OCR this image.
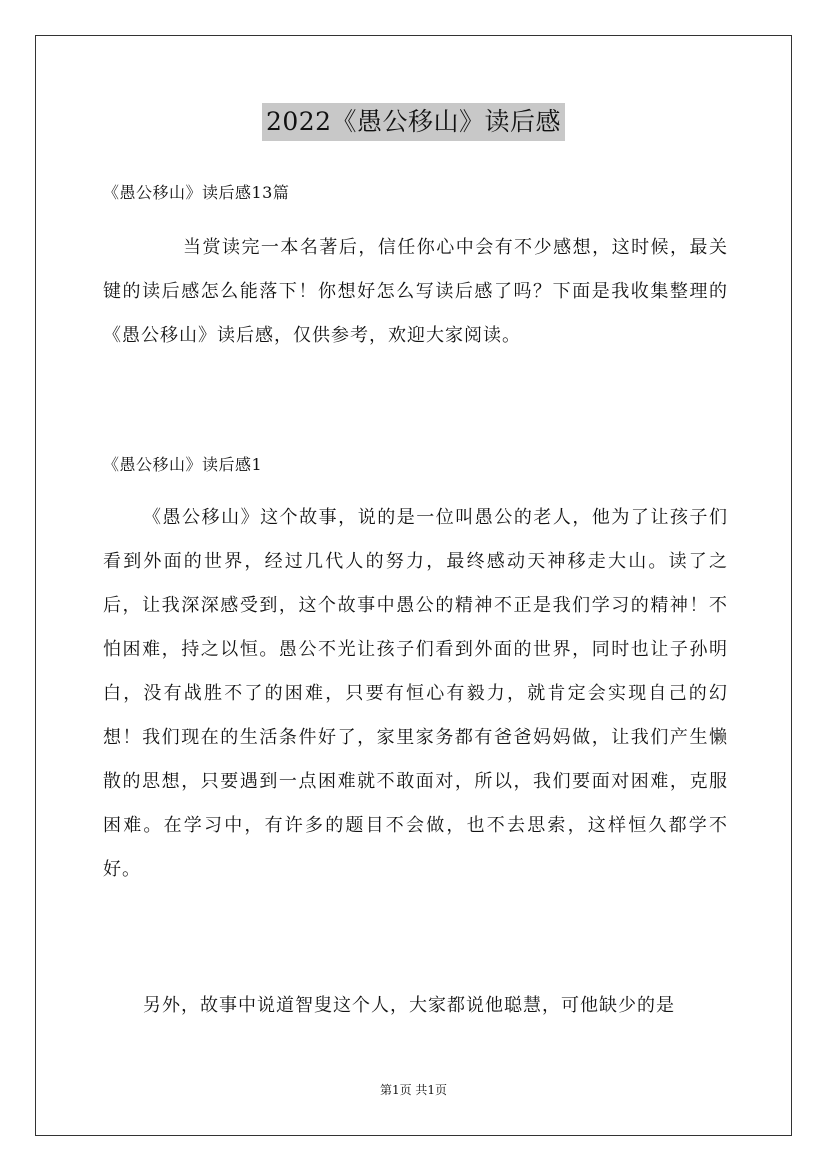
2022《愚公移山》读后感
《愚公移山》读后感13篇

当赏读完一本名著后，信任你心中会有不少感想，这时候，最关键的读后感怎么能落下！你想好怎么写读后感了吗？下面是我收集整理的《愚公移山》读后感，仅供参考，欢迎大家阅读。

《愚公移山》读后感1

《愚公移山》这个故事，说的是一位叫愚公的老人，他为了让孩子们看到外面的世界，经过几代人的努力，最终感动天神移走大山。读了之后，让我深深感受到，这个故事中愚公的精神不正是我们学习的精神！不怕困难，持之以恒。愚公不光让孩子们看到外面的世界，同时也让子孙明白，没有战胜不了的困难，只要有恒心有毅力，就肯定会实现自己的幻想！我们现在的生活条件好了，家里家务都有爸爸妈妈做，让我们产生懒散的思想，只要遇到一点困难就不敢面对，所以，我们要面对困难，克服困难。在学习中，有许多的题目不会做，也不去思索，这样恒久都学不好。

另外，故事中说道智叟这个人，大家都说他聪慧，可他缺少的是

第1页 共1页
